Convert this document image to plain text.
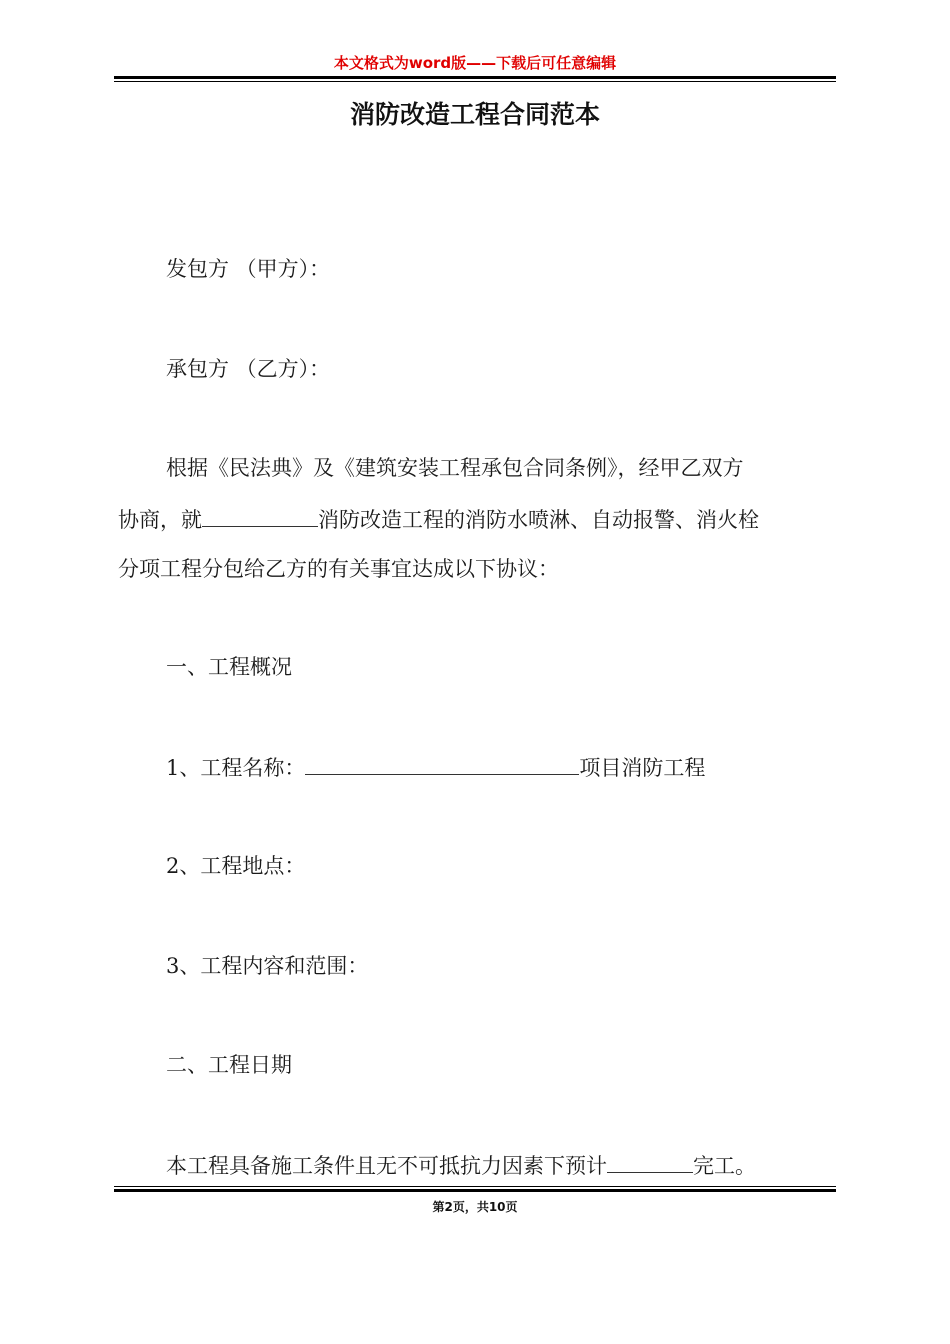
本文格式为word版——下载后可任意编辑
消防改造工程合同范本
发包方 （甲方）：
承包方 （乙方）：
根据《民法典》及《建筑安装工程承包合同条例》，经甲乙双方
协商，就	消防改造工程的消防水喷淋、自动报警、消火栓
分项工程分包给乙方的有关事宜达成以下协议：
一、工程概况
1、工程名称：	项目消防工程
2、工程地点：
3、工程内容和范围：
二、工程日期
本工程具备施工条件且无不可抵抗力因素下预计	完工。
第2页，共10页
